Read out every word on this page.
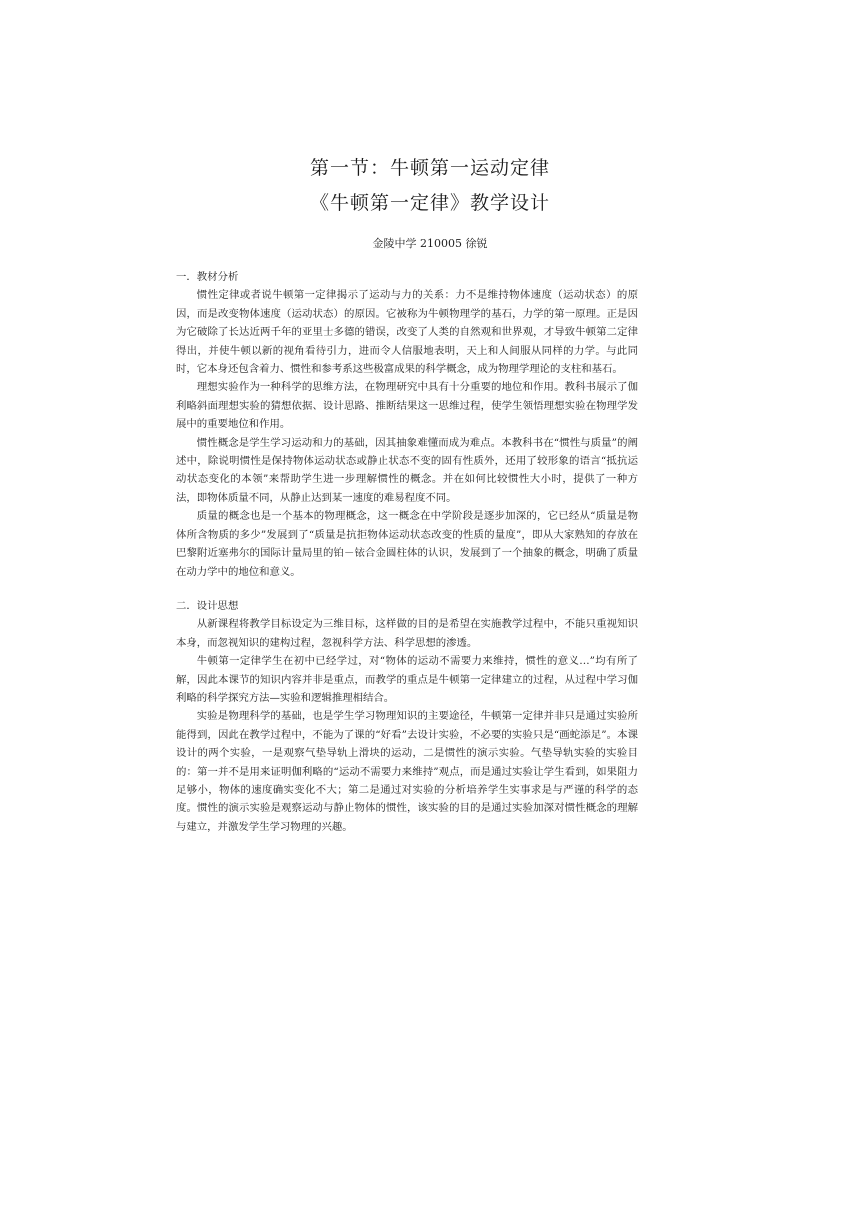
第一节：牛顿第一运动定律
《牛顿第一定律》教学设计
金陵中学 210005 徐锐

一．教材分析

惯性定律或者说牛顿第一定律揭示了运动与力的关系：力不是维持物体速度（运动状态）的原因，而是改变物体速度（运动状态）的原因。它被称为牛顿物理学的基石，力学的第一原理。正是因为它破除了长达近两千年的亚里士多德的错误，改变了人类的自然观和世界观，才导致牛顿第二定律得出，并使牛顿以新的视角看待引力，进而令人信服地表明，天上和人间服从同样的力学。与此同时，它本身还包含着力、惯性和参考系这些极富成果的科学概念，成为物理学理论的支柱和基石。

理想实验作为一种科学的思维方法，在物理研究中具有十分重要的地位和作用。教科书展示了伽利略斜面理想实验的猜想依据、设计思路、推断结果这一思维过程，使学生领悟理想实验在物理学发展中的重要地位和作用。

惯性概念是学生学习运动和力的基础，因其抽象难懂而成为难点。本教科书在“惯性与质量”的阐述中，除说明惯性是保持物体运动状态或静止状态不变的固有性质外，还用了较形象的语言“抵抗运动状态变化的本领”来帮助学生进一步理解惯性的概念。并在如何比较惯性大小时，提供了一种方法，即物体质量不同，从静止达到某一速度的难易程度不同。

质量的概念也是一个基本的物理概念，这一概念在中学阶段是逐步加深的，它已经从“质量是物体所含物质的多少”发展到了“质量是抗拒物体运动状态改变的性质的量度”，即从大家熟知的存放在巴黎附近塞弗尔的国际计量局里的铂－铱合金圆柱体的认识，发展到了一个抽象的概念，明确了质量在动力学中的地位和意义。

二．设计思想

从新课程将教学目标设定为三维目标，这样做的目的是希望在实施教学过程中，不能只重视知识本身，而忽视知识的建构过程，忽视科学方法、科学思想的渗透。

牛顿第一定律学生在初中已经学过，对“物体的运动不需要力来维持，惯性的意义…”均有所了解，因此本课节的知识内容并非是重点，而教学的重点是牛顿第一定律建立的过程，从过程中学习伽利略的科学探究方法—实验和逻辑推理相结合。

实验是物理科学的基础，也是学生学习物理知识的主要途径，牛顿第一定律并非只是通过实验所能得到，因此在教学过程中，不能为了课的“好看”去设计实验，不必要的实验只是“画蛇添足”。本课设计的两个实验，一是观察气垫导轨上滑块的运动，二是惯性的演示实验。气垫导轨实验的实验目的：第一并不是用来证明伽利略的“运动不需要力来维持”观点，而是通过实验让学生看到，如果阻力足够小，物体的速度确实变化不大；第二是通过对实验的分析培养学生实事求是与严谨的科学的态度。惯性的演示实验是观察运动与静止物体的惯性，该实验的目的是通过实验加深对惯性概念的理解与建立，并激发学生学习物理的兴趣。
